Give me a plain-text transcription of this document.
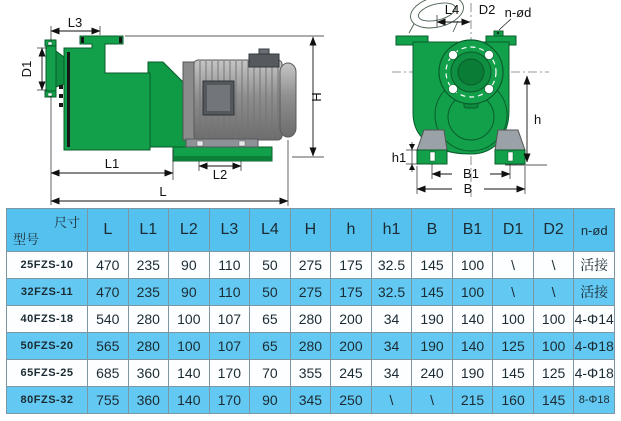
L3
D1
L1
L2
L
H
L4 D2 n-ød
h
h1
B1
B
尺寸
型号	L	L1	L2	L3	L4	H	h	h1	B	B1	D1	D2	n-ød
25FZS-10	470	235	90	110	50	275	175	32.5	145	100	\	\	活接
32FZS-11	470	235	90	110	50	275	175	32.5	145	100	\	\	活接
40FZS-18	540	280	100	107	65	280	200	34	190	140	100	100	4-Φ14
50FZS-20	565	280	100	107	65	280	200	34	190	140	125	100	4-Φ18
65FZS-25	685	360	140	170	70	355	245	34	240	190	145	125	4-Φ18
80FZS-32	755	360	140	170	90	345	250	\	\	215	160	145	8-Φ18
